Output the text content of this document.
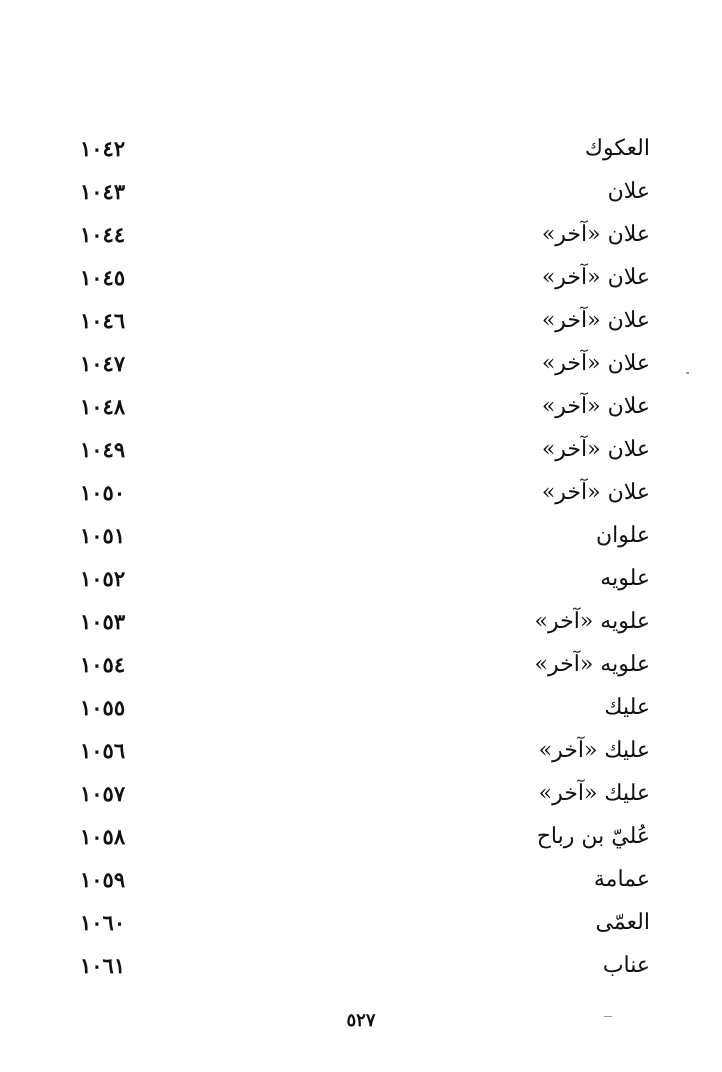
العكوك
١٠٤٢
علان
١٠٤٣
علان «آخر»
١٠٤٤
علان «آخر»
١٠٤٥
علان «آخر»
١٠٤٦
علان «آخر»
١٠٤٧
علان «آخر»
١٠٤٨
علان «آخر»
١٠٤٩
علان «آخر»
١٠٥٠
علوان
١٠٥١
علويه
١٠٥٢
علويه «آخر»
١٠٥٣
علويه «آخر»
١٠٥٤
عليك
١٠٥٥
عليك «آخر»
١٠٥٦
عليك «آخر»
١٠٥٧
عُليّ بن رباح
١٠٥٨
عمامة
١٠٥٩
العمّى
١٠٦٠
عناب
١٠٦١
٥٢٧
